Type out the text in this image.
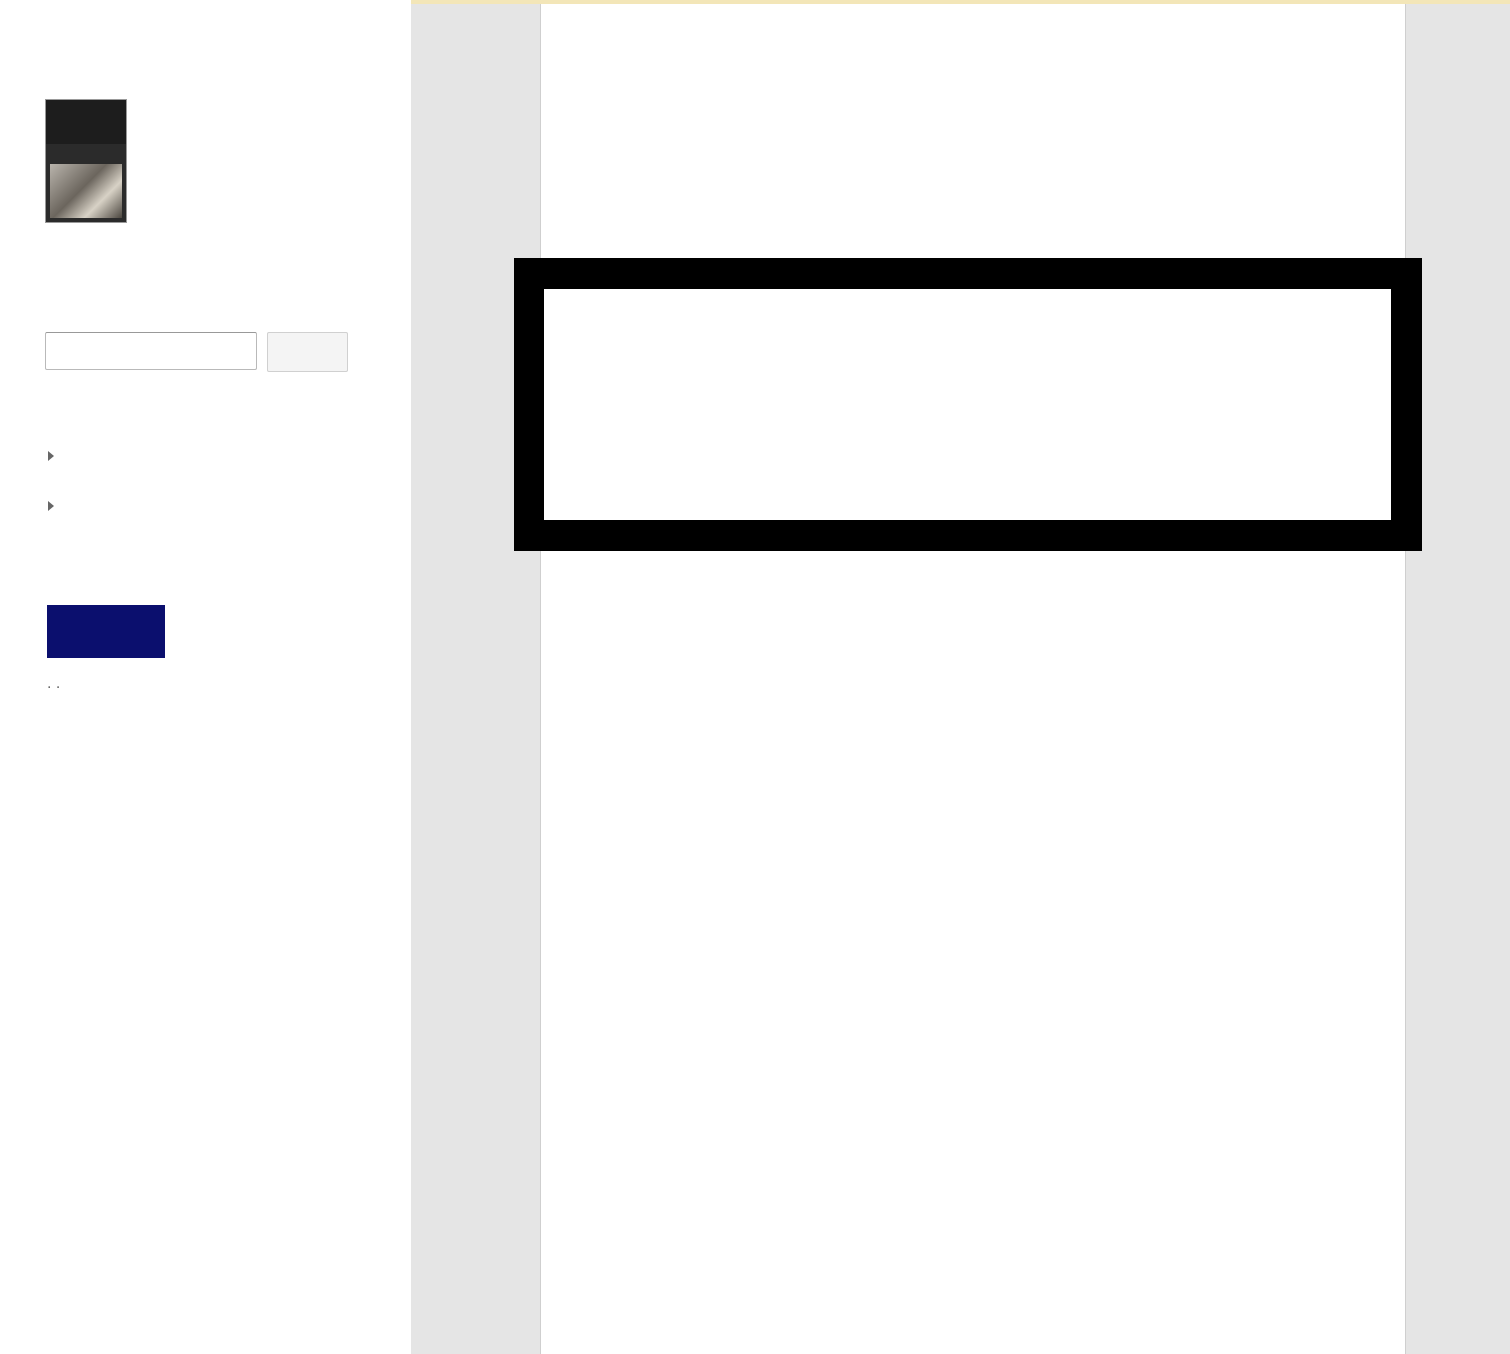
. .
